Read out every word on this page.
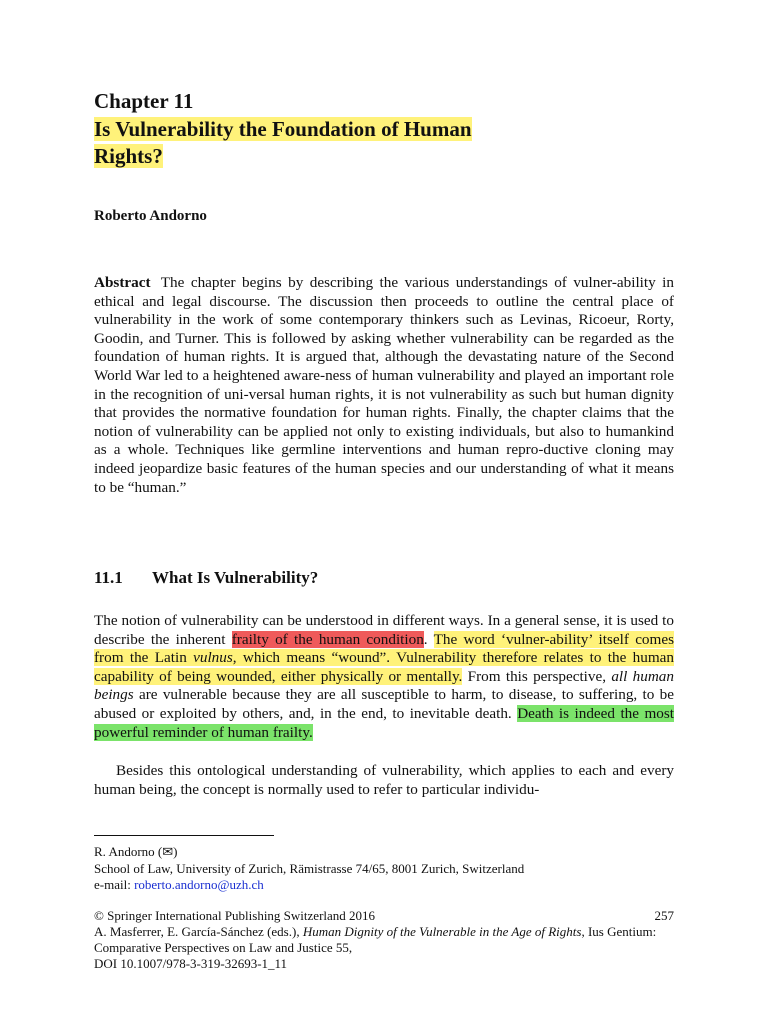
Chapter 11
Is Vulnerability the Foundation of Human
Rights?
Roberto Andorno
Abstract The chapter begins by describing the various understandings of vulner-ability in ethical and legal discourse. The discussion then proceeds to outline the central place of vulnerability in the work of some contemporary thinkers such as Levinas, Ricoeur, Rorty, Goodin, and Turner. This is followed by asking whether vulnerability can be regarded as the foundation of human rights. It is argued that, although the devastating nature of the Second World War led to a heightened aware-ness of human vulnerability and played an important role in the recognition of uni-versal human rights, it is not vulnerability as such but human dignity that provides the normative foundation for human rights. Finally, the chapter claims that the notion of vulnerability can be applied not only to existing individuals, but also to humankind as a whole. Techniques like germline interventions and human repro-ductive cloning may indeed jeopardize basic features of the human species and our understanding of what it means to be “human.”
11.1 What Is Vulnerability?
The notion of vulnerability can be understood in different ways. In a general sense, it is used to describe the inherent frailty of the human condition. The word ‘vulner-ability’ itself comes from the Latin vulnus, which means “wound”. Vulnerability therefore relates to the human capability of being wounded, either physically or mentally. From this perspective, all human beings are vulnerable because they are all susceptible to harm, to disease, to suffering, to be abused or exploited by others, and, in the end, to inevitable death. Death is indeed the most powerful reminder of human frailty.
Besides this ontological understanding of vulnerability, which applies to each and every human being, the concept is normally used to refer to particular individu-
R. Andorno (✉)
School of Law, University of Zurich, Rämistrasse 74/65, 8001 Zurich, Switzerland
e-mail: roberto.andorno@uzh.ch
© Springer International Publishing Switzerland 2016	257
A. Masferrer, E. García-Sánchez (eds.), Human Dignity of the Vulnerable in the Age of Rights, Ius Gentium: Comparative Perspectives on Law and Justice 55,
DOI 10.1007/978-3-319-32693-1_11
